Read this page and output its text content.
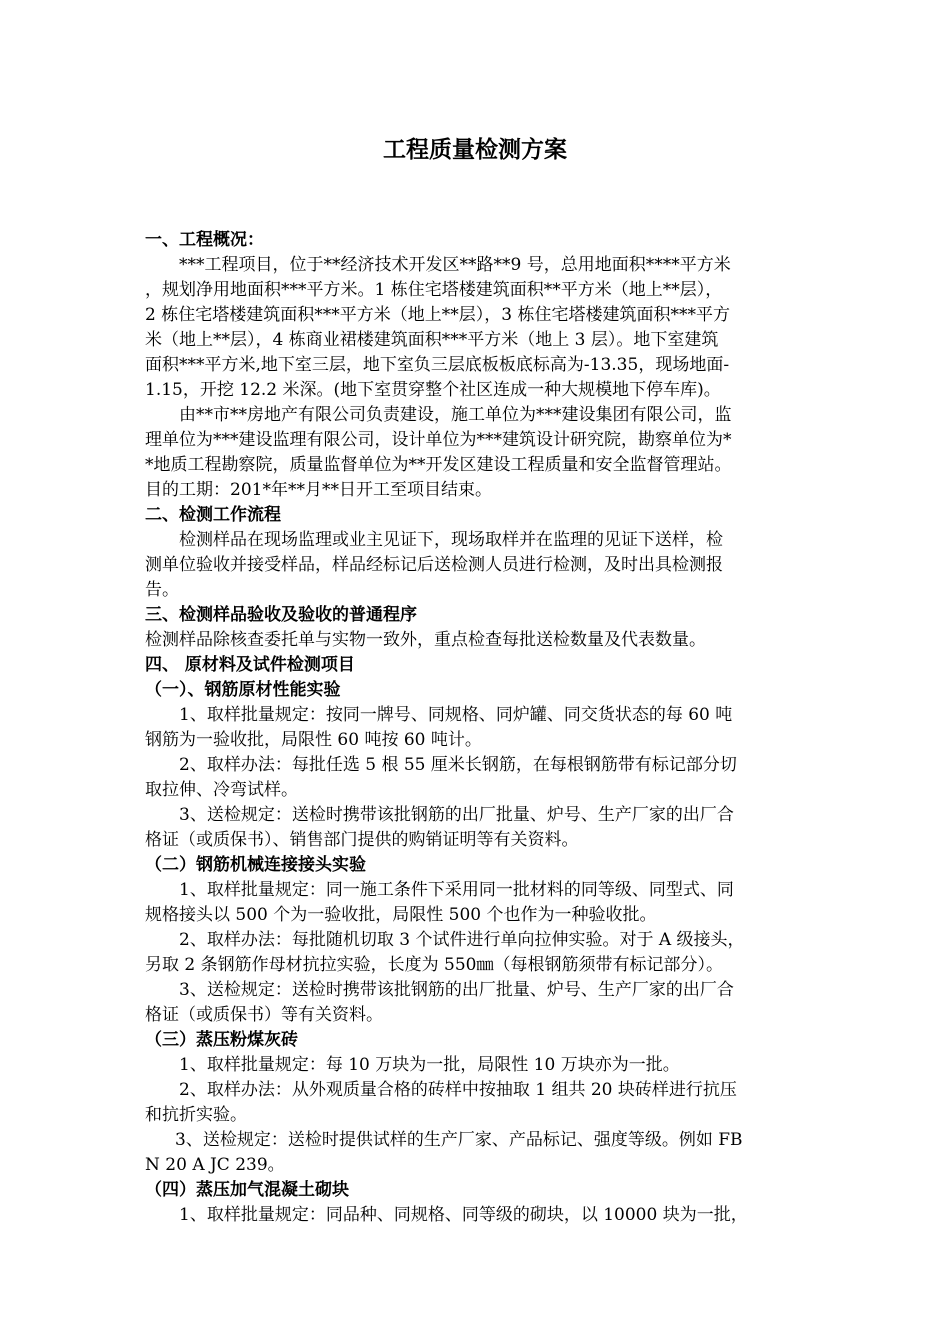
工程质量检测方案
一、工程概况：
***工程项目，位于**经济技术开发区**路**9 号，总用地面积****平方米
，规划净用地面积***平方米。1 栋住宅塔楼建筑面积**平方米（地上**层），
2 栋住宅塔楼建筑面积***平方米（地上**层），3 栋住宅塔楼建筑面积***平方
米（地上**层），4 栋商业裙楼建筑面积***平方米（地上 3 层）。地下室建筑
面积***平方米,地下室三层，地下室负三层底板板底标高为-13.35，现场地面-
1.15，开挖 12.2 米深。(地下室贯穿整个社区连成一种大规模地下停车库)。
由**市**房地产有限公司负责建设，施工单位为***建设集团有限公司，监
理单位为***建设监理有限公司，设计单位为***建筑设计研究院，勘察单位为*
*地质工程勘察院，质量监督单位为**开发区建设工程质量和安全监督管理站。
目的工期：201*年**月**日开工至项目结束。
二、检测工作流程
检测样品在现场监理或业主见证下，现场取样并在监理的见证下送样，检
测单位验收并接受样品，样品经标记后送检测人员进行检测，及时出具检测报
告。
三、检测样品验收及验收的普通程序
检测样品除核查委托单与实物一致外，重点检查每批送检数量及代表数量。
四、 原材料及试件检测项目
（一）、钢筋原材性能实验
1、取样批量规定：按同一牌号、同规格、同炉罐、同交货状态的每 60 吨
钢筋为一验收批，局限性 60 吨按 60 吨计。
2、取样办法：每批任选 5 根 55 厘米长钢筋，在每根钢筋带有标记部分切
取拉伸、冷弯试样。
3、送检规定：送检时携带该批钢筋的出厂批量、炉号、生产厂家的出厂合
格证（或质保书）、销售部门提供的购销证明等有关资料。
（二）钢筋机械连接接头实验
1、取样批量规定：同一施工条件下采用同一批材料的同等级、同型式、同
规格接头以 500 个为一验收批，局限性 500 个也作为一种验收批。
2、取样办法：每批随机切取 3 个试件进行单向拉伸实验。对于 A 级接头，
另取 2 条钢筋作母材抗拉实验，长度为 550㎜（每根钢筋须带有标记部分）。
3、送检规定：送检时携带该批钢筋的出厂批量、炉号、生产厂家的出厂合
格证（或质保书）等有关资料。
（三）蒸压粉煤灰砖
1、取样批量规定：每 10 万块为一批，局限性 10 万块亦为一批。
2、取样办法：从外观质量合格的砖样中按抽取 1 组共 20 块砖样进行抗压
和抗折实验。
3、送检规定：送检时提供试样的生产厂家、产品标记、强度等级。例如 FB
N 20 A JC 239。
（四）蒸压加气混凝土砌块
1、取样批量规定：同品种、同规格、同等级的砌块，以 10000 块为一批，
